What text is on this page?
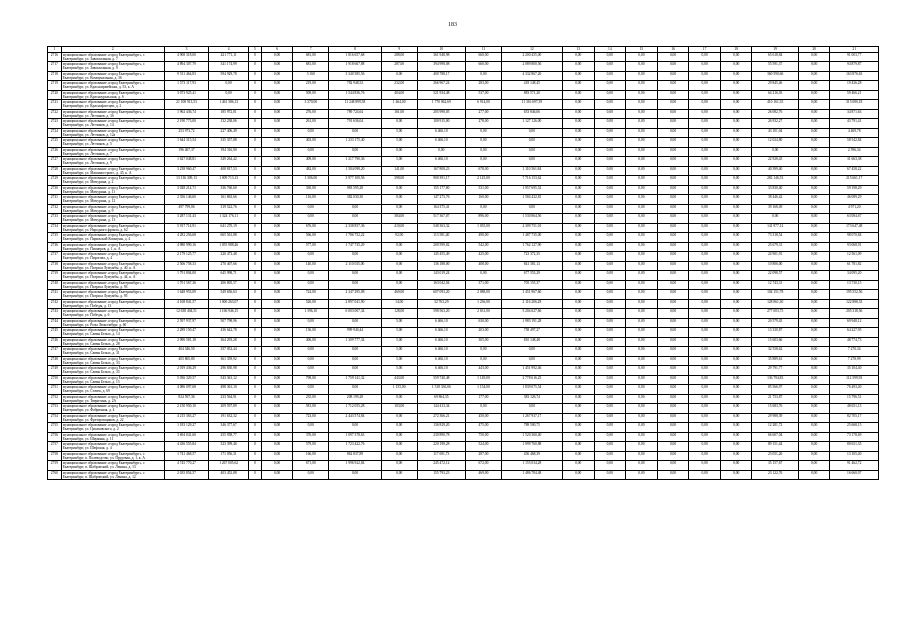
183
1	2	3	4	5	6	7	8	9	10	11	12	13	14	15	16	17	18	19	20	21
2716	муниципальное образование «город Екатеринбург», г. Екатеринбург, ул. Завокзальная, д. 7	4 908 318,00	421 771,11	0	0,00	681,00	1 816 657,68	288,00	361 948,98	660,00	2 200 455,00	0,00	0,00	0,00	0,00	0,00	0,00	65 618,84	0,00	91 003,77
2717	муниципальное образование «город Екатеринбург», г. Екатеринбург, ул. Завокзальная, д. 9	4 894 307,79	341 174,99	0	0,00	681,00	1 918 667,88	287,00	394 998,08	660,00	2 089 800,56	0,00	0,00	0,00	0,00	0,00	0,00	55 591,37	0,00	94 879,87
2718	муниципальное образование «город Екатеринбург», г. Екатеринбург, ул. Коммунальная, д. 36	9 511 464,83	594 929,78	0	0,00	3 160	3 340 585,56	0,00	400 788,17	0,00	4 332 867,26	0,00	0,00	0,00	0,00	0,00	0,00	360 590,66	0,00	163 876,63
2719	муниципальное образование «город Екатеринбург», г. Екатеринбург, ул. Красноармейская, д. 53, к. А	1 573 117,93	0,00	0	0,00	219,00	782 948,52	232,00	266 967,24	283,00	418 148,45	0,00	0,00	0,00	0,00	0,00	0,00	29 845,46	0,00	19 436,28
2720	муниципальное образование «город Екатеринбург», г. Екатеринбург, ул. Красноуральская, д. 6	3 073 925,41	0,00	0	0,00	509,00	1 544 836,76	404,00	521 934,48	537,00	883 571,20	0,00	0,00	0,00	0,00	0,00	0,00	64 216,03	0,00	59 466,21
2721	муниципальное образование «город Екатеринбург», г. Екатеринбург, ул. Краснофлотцев, д. 2	21 108 913,53	1 461 386,13	0	0,00	3 370,00	11 248 899,58	1 464,00	1 770 062,69	6 914,00	11 316 697,39	0,00	0,00	0,00	0,00	0,00	0,00	410 161,35	0,00	315 080,18
2722	муниципальное образование «город Екатеринбург», г. Екатеринбург, ул. Летчиков, д. 3б	1 962 436,74	185 972,01	0	0,00	276,00	789 724,64	161,00	205 998,05	277,00	653 846,06	0,00	0,00	0,00	0,00	0,00	0,00	26 082,76	0,00	34 871,63
2723	муниципальное образование «город Екатеринбург», г. Екатеринбург, ул. Летчиков, д. 14	2 190 773,00	132 238,06	0	0,00	261,00	791 636,04	0,00	100 915,00	278,00	1 127 126,00	0,00	0,00	0,00	0,00	0,00	0,00	26 932,27	0,00	43 791,41
2724	муниципальное образование «город Екатеринбург», г. Екатеринбург, ул. Летчиков, д. 12а	253 973,72	227 406,49	0	0,00	0,00	0,00	5,00	6 466,10	0,00	0,00	0,00	0,00	0,00	0,00	0,00	0,00	43 101,04	0,00	4 469,78
2725	муниципальное образование «город Екатеринбург», г. Екатеринбург, ул. Летчиков, д. 5	1 644 315,54	335 357,88	0	0,00	403,00	1 233 175,40	5,00	6 466,10	0,00	0,00	0,00	0,00	0,00	0,00	0,00	0,00	12 024,80	0,00	58 542,84
2726	муниципальное образование «город Екатеринбург», г. Екатеринбург, ул. Летчиков, д. 7	196 467,37	194 316,90	0	0,00	0,00	0,00	0,00	0,00	0,00	0,00	0,00	0,00	0,00	0,00	0,00	0,00	0,00	0,00	2 596,34
2727	муниципальное образование «город Екатеринбург», г. Екатеринбург, ул. Летчиков, д. 9	1 627 048,81	349 264,42	0	0,00	409,00	1 217 790,36	5,00	6 466,10	0,00	0,00	0,00	0,00	0,00	0,00	0,00	0,00	22 928,45	0,00	31 663,38
2728	муниципальное образование «город Екатеринбург», г. Екатеринбург, ул. Машиностроит., д. 45, к. А	3 238 960,47	408 817,53	0	0,00	482,00	1 504 098,20	141,00	167 808,23	678,00	1 110 561,84	0,00	0,00	0,00	0,00	0,00	0,00	40 399,40	0,00	67 458,22
2729	муниципальное образование «город Екатеринбург», г. Екатеринбург, ул. Мичурина, д. 2	13 136 309,13	1 009 713,13	0	0,00	1 306,00	3 977 100,56	398,00	900 391,17	2 145,00	7 716 153,62	0,00	0,00	0,00	0,00	0,00	0,00	282 146,53	0,00	215 661,17
2730	муниципальное образование «город Екатеринбург», г. Екатеринбург, ул. Мичурина, д. 11	3 028 214,71	336 760,60	0	0,00	330,00	983 595,28	0,00	155 177,80	531,00	1 957 695,52	0,00	0,00	0,00	0,00	0,00	0,00	33 830,40	0,00	59 198,29
2731	муниципальное образование «город Екатеринбург», г. Екатеринбург, ул. Мичурина, д. 12	2 356 146,60	161 863,66	0	0,00	116,00	382 030,30	0,00	147 273,76	160,00	1 584 432,81	0,00	0,00	0,00	0,00	0,00	0,00	38 446,42	0,00	46 089,29
2732	муниципальное образование «город Екатеринбург», г. Екатеринбург, ул. Мичурина, д. 9	497 799,06	319 522,76	0	0,00	0,00	0,00	0,00	164 375,41	0,00	0,00	0,00	0,00	0,00	0,00	0,00	0,00	39 168,49	0,00	4 971,20
2733	муниципальное образование «город Екатеринбург», г. Екатеринбург, ул. Мичурина, д. 13	3 287 131,43	1 324 176,11	0	0,00	0,00	0,00	384,00	517 367,07	896,00	1 530 864,56	0,00	0,00	0,00	0,00	0,00	0,00	0,00	0,00	63 084,67
2734	муниципальное образование «город Екатеринбург», г. Екатеринбург, ул. Народного фронта, д. 62	5 917 714,91	641 270,19	0	0,00	676,00	2 338 857,36	410,00	548 363,32	1 035,00	2 309 751,01	0,00	0,00	0,00	0,00	0,00	0,00	141 977,12	0,00	173 647,48
2735	муниципальное образование «город Екатеринбург», г. Екатеринбург, ул. Парижской Коммуны, д. 4	4 282 256,68	665 561,88	0	0,00	566,00	1 786 752,22	92,00	113 581,40	490,00	1 487 735,00	0,00	0,00	0,00	0,00	0,00	0,00	73 318,54	0,00	98 070,84
2736	муниципальное образование «город Екатеринбург», г. Екатеринбург, ул. Пионеров, д. 1, к. А	4 980 990,16	1 055 988,46	0	0,00	577,00	1 747 735,29	0,00	200 599,02	542,00	1 762 127,90	0,00	0,00	0,00	0,00	0,00	0,00	25 679,31	0,00	93 068,91
2737	муниципальное образование «город Екатеринбург», г. Екатеринбург, ул. Пирогова, д. 4	2 179 125,77	220 473,48	0	0,00	0,00	0,00	0,00	145 455,49	425,00	723 372,35	0,00	0,00	0,00	0,00	0,00	0,00	24 901,91	0,00	12 561,09
2738	муниципальное образование «город Екатеринбург», г. Екатеринбург, ул. Патриса Лумумбы, д. 40, к. А	2 506 758,33	270 407,66	0	0,00	140,00	2 110 035,00	0,00	136 188,00	408,00	841 381,13	0,00	0,00	0,00	0,00	0,00	0,00	10 806,00	0,00	61 781,82
2739	муниципальное образование «город Екатеринбург», г. Екатеринбург, ул. Патриса Лумумбы, д. 44, к. А	1 791 804,00	645 998,71	0	0,00	0,00	0,00	0,00	143 019,24	0,00	677 553,29	0,00	0,00	0,00	0,00	0,00	0,00	22 098,57	0,00	34 095,20
2740	муниципальное образование «город Екатеринбург», г. Екатеринбург, ул. Патриса Лумумбы, д. 93	1 701 567,36	206 805,57	0	0,00	0,00	0,00	0,00	163 042,04	371,00	705 155,37	0,00	0,00	0,00	0,00	0,00	0,00	12 743,31	0,00	13 730,15
2741	муниципальное образование «город Екатеринбург», г. Екатеринбург, ул. Патриса Лумумбы, д. 95	1 648 953,09	549 656,63	0	0,00	724,00	2 347 295,08	469,00	607 093,20	2 088,00	1 451 967,60	0,00	0,00	0,00	0,00	0,00	0,00	104 151,78	0,00	195 552,56
2742	муниципальное образование «город Екатеринбург», г. Екатеринбург, ул. Победы, д. 13	4 168 841,57	1 000 263,07	0	0,00	526,00	2 897 041,90	14,00	32 763,29	1 236,00	2 116 206,28	0,00	0,00	0,00	0,00	0,00	0,00	128 861,30	0,00	122 888,33
2743	муниципальное образование «город Екатеринбург», г. Екатеринбург, ул. Победы, д. 6	12 638 404,51	1 166 946,15	0	0,00	1 396,10	6 003 007,34	128,00	598 563,20	2 631,00	5 204 627,66	0,00	0,00	0,00	0,00	0,00	0,00	277 003,75	0,00	205 318,56
2744	муниципальное образование «город Екатеринбург», г. Екатеринбург, ул. Розы Люксембург, д. 60	2 597 937,97	507 798,96	0	0,00	0,00	0,00	5,00	6 466,10	630,00	1 983 191,28	0,00	0,00	0,00	0,00	0,00	0,00	20 579,45	0,00	69 948,12
2745	муниципальное образование «город Екатеринбург», г. Екатеринбург, ул. Саввы Белых, д. 14	2 289 150,47	436 642,78	0	0,00	136,00	999 940,44	5,00	6 466,10	203,00	758 497,27	0,00	0,00	0,00	0,00	0,00	0,00	13 330,87	0,00	64 227,95
2746	муниципальное образование «город Екатеринбург», г. Екатеринбург, ул. Саввы Белых, д. 28	2 096 581,18	364 293,28	0	0,00	406,00	1 309 777,34	5,00	6 466,10	305,00	810 148,48	0,00	0,00	0,00	0,00	0,00	0,00	15 603,66	0,00	48 774,73
2747	муниципальное образование «город Екатеринбург», г. Екатеринбург, ул. Саввы Белых, д. 31	404 346,50	357 052,44	0	0,00	0,00	0,00	5,00	6 466,10	0,00	0,00	0,00	0,00	0,00	0,00	0,00	0,00	32 558,62	0,00	7 270,34
2748	муниципальное образование «город Екатеринбург», г. Екатеринбург, ул. Саввы Белых, д. 33	403 865,80	361 359,92	0	0,00	0,00	0,00	5,00	6 466,10	0,00	0,00	0,00	0,00	0,00	0,00	0,00	0,00	35 889,61	0,00	7 278,99
2749	муниципальное образование «город Екатеринбург», г. Екатеринбург, ул. Саввы Белых, д. 35	2 019 436,29	296 830,98	0	0,00	0,00	0,00	5,00	6 466,10	443,00	1 451 992,46	0,00	0,00	0,00	0,00	0,00	0,00	29 791,77	0,00	35 104,40
2750	муниципальное образование «город Екатеринбург», г. Екатеринбург, ул. Саввы Белых, д. 15	5 036 329,57	543 361,12	0	0,00	798,00	1 759 141,32	443,00	559 740,48	1 149,00	2 778 616,25	0,00	0,00	0,00	0,00	0,00	0,00	136 794,83	0,00	112 599,93
2751	муниципальное образование «город Екатеринбург», г. Екатеринбург, ул. Стачек, д. 69	4 086 097,68	498 361,10	0	0,00	0,00	0,00	1 155,00	1 518 336,06	1 154,00	1 839 075,54	0,00	0,00	0,00	0,00	0,00	0,00	85 566,97	0,00	76 493,40
2752	муниципальное образование «город Екатеринбург», г. Екатеринбург, ул. Тверитина, д. 2А	824 597,36	233 564,91	0	0,00	235,00	208 199,28	0,00	69 864,35	177,00	383 126,74	0,00	0,00	0,00	0,00	0,00	0,00	21 753,87	0,00	15 796,51
2753	муниципальное образование «город Екатеринбург», г. Екатеринбург, ул. Фабричная, д. 4	2 150 950,10	209 597,89	0	0,00	581,00	1 712 055,28	103,00	144 413,34	0,00	0,00	0,00	0,00	0,00	0,00	0,00	0,00	15 683,76	0,00	48 651,13
2754	муниципальное образование «город Екатеринбург», г. Екатеринбург, ул. Фрезеровщиков, д. 22	4 215 363,27	191 632,32	0	0,00	723,00	2 443 574,84	0,00	272 366,21	450,00	1 267 937,17	0,00	0,00	0,00	0,00	0,00	0,00	29 988,39	0,00	82 705,17
2755	муниципальное образование «город Екатеринбург», г. Екатеринбург, ул. Циолковского, д. 2	1 183 129,27	346 377,67	0	0,00	0,00	0,00	0,00	136 829,20	475,00	788 500,75	0,00	0,00	0,00	0,00	0,00	0,00	12 281,72	0,00	25 668,15
2756	муниципальное образование «город Екатеринбург», г. Екатеринбург, ул. Шаумяна, д. 11	3 694 041,60	255 958,77	0	0,00	376,00	1 097 378,63	0,00	230 890,78	750,00	1 520 360,40	0,00	0,00	0,00	0,00	0,00	0,00	66 607,04	0,00	73 178,69
2757	муниципальное образование «город Екатеринбург», г. Екатеринбург, ул. Шефская, д. 4	4 436 555,84	323 399,46	0	0,00	579,00	1 723 422,76	0,00	220 198,28	524,00	1 999 760,88	0,00	0,00	0,00	0,00	0,00	0,00	89 151,44	0,00	80 631,35
2758	муниципальное образование «город Екатеринбург», г. Екатеринбург, п. Полеводство, ул. Прудовая, д. 1, к. А	1 741 468,57	171 056,31	0	0,00	166,00	862 837,89	0,00	117 691,73	287,00	456 468,39	0,00	0,00	0,00	0,00	0,00	0,00	23 051,26	0,00	13 105,40
2759	муниципальное образование «город Екатеринбург», г. Екатеринбург, п. Шабровский, ул. Ленина, д. 13	4 745 770,27	1 267 005,62	0	0,00	671,00	1 996 922,84	0,00	245 472,12	672,00	1 155 034,28	0,00	0,00	0,00	0,00	0,00	0,00	35 157,67	0,00	91 462,72
2760	муниципальное образование «город Екатеринбург», г. Екатеринбург, п. Шабровский, ул. Ленина, д. 12	2 035 854,57	403 452,88	0	0,00	0,00	0,00	0,00	155 793,23	469,00	1 486 784,48	0,00	0,00	0,00	0,00	0,00	0,00	23 122,76	0,00	16 660,07
